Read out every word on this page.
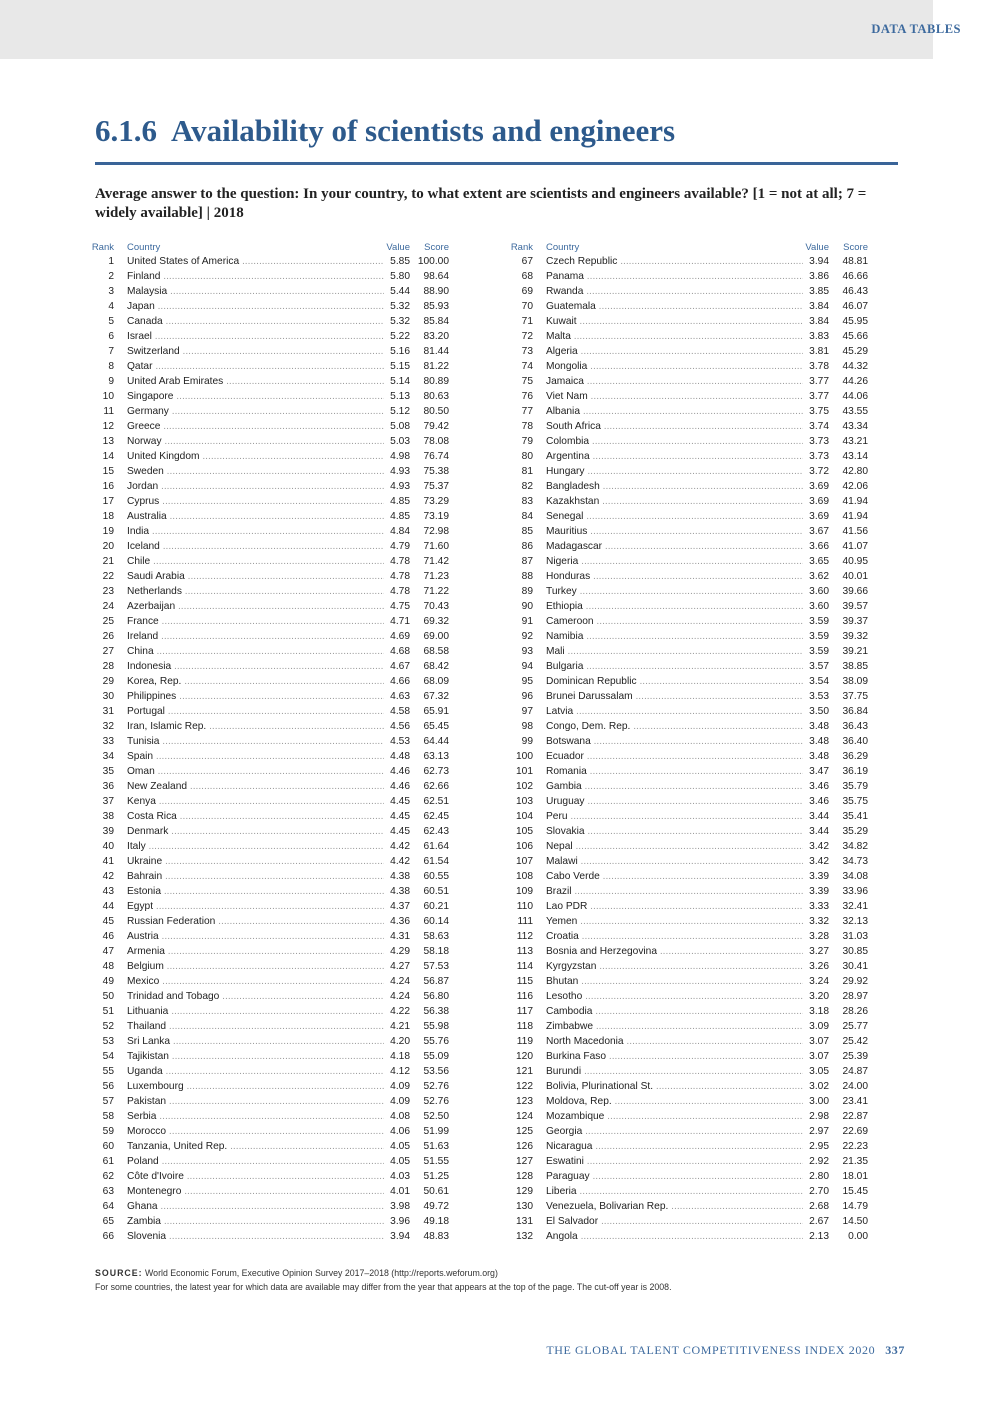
DATA TABLES
6.1.6 Availability of scientists and engineers
Average answer to the question: In your country, to what extent are scientists and engineers available? [1 = not at all; 7 = widely available] | 2018
Rank Country	Value	Score
1 United States of America .....	5.85 100.00
2 Finland .....	5.80	98.64
3 Malaysia .....	5.44	88.90
4 Japan .....	5.32	85.93
5 Canada .....	5.32	85.84
6 Israel .....	5.22	83.20
7 Switzerland .....	5.16	81.44
8 Qatar .....	5.15	81.22
9 United Arab Emirates .....	5.14	80.89
10 Singapore .....	5.13	80.63
11 Germany .....	5.12	80.50
12 Greece .....	5.08	79.42
13 Norway .....	5.03	78.08
14 United Kingdom .....	4.98	76.74
15 Sweden .....	4.93	75.38
16 Jordan .....	4.93	75.37
17 Cyprus .....	4.85	73.29
18 Australia .....	4.85	73.19
19 India .....	4.84	72.98
20 Iceland .....	4.79	71.60
21 Chile .....	4.78	71.42
22 Saudi Arabia .....	4.78	71.23
23 Netherlands .....	4.78	71.22
24 Azerbaijan .....	4.75	70.43
25 France .....	4.71	69.32
26 Ireland .....	4.69	69.00
27 China .....	4.68	68.58
28 Indonesia .....	4.67	68.42
29 Korea, Rep. .....	4.66	68.09
30 Philippines .....	4.63	67.32
31 Portugal .....	4.58	65.91
32 Iran, Islamic Rep. .....	4.56	65.45
33 Tunisia .....	4.53	64.44
34 Spain .....	4.48	63.13
35 Oman .....	4.46	62.73
36 New Zealand .....	4.46	62.66
37 Kenya .....	4.45	62.51
38 Costa Rica .....	4.45	62.45
39 Denmark .....	4.45	62.43
40 Italy .....	4.42	61.64
41 Ukraine .....	4.42	61.54
42 Bahrain .....	4.38	60.55
43 Estonia .....	4.38	60.51
44 Egypt .....	4.37	60.21
45 Russian Federation .....	4.36	60.14
46 Austria .....	4.31	58.63
47 Armenia .....	4.29	58.18
48 Belgium .....	4.27	57.53
49 Mexico .....	4.24	56.87
50 Trinidad and Tobago .....	4.24	56.80
51 Lithuania .....	4.22	56.38
52 Thailand .....	4.21	55.98
53 Sri Lanka .....	4.20	55.76
54 Tajikistan .....	4.18	55.09
55 Uganda .....	4.12	53.56
56 Luxembourg .....	4.09	52.76
57 Pakistan .....	4.09	52.76
58 Serbia .....	4.08	52.50
59 Morocco .....	4.06	51.99
60 Tanzania, United Rep. .....	4.05	51.63
61 Poland .....	4.05	51.55
62 Côte d'Ivoire .....	4.03	51.25
63 Montenegro .....	4.01	50.61
64 Ghana .....	3.98	49.72
65 Zambia .....	3.96	49.18
66 Slovenia .....	3.94	48.83
Rank Country	Value	Score
67 Czech Republic .....	3.94	48.81
68 Panama .....	3.86	46.66
69 Rwanda .....	3.85	46.43
70 Guatemala .....	3.84	46.07
71 Kuwait .....	3.84	45.95
72 Malta .....	3.83	45.66
73 Algeria .....	3.81	45.29
74 Mongolia .....	3.78	44.32
75 Jamaica .....	3.77	44.26
76 Viet Nam .....	3.77	44.06
77 Albania .....	3.75	43.55
78 South Africa .....	3.74	43.34
79 Colombia .....	3.73	43.21
80 Argentina .....	3.73	43.14
81 Hungary .....	3.72	42.80
82 Bangladesh .....	3.69	42.06
83 Kazakhstan .....	3.69	41.94
84 Senegal .....	3.69	41.94
85 Mauritius .....	3.67	41.56
86 Madagascar .....	3.66	41.07
87 Nigeria .....	3.65	40.95
88 Honduras .....	3.62	40.01
89 Turkey .....	3.60	39.66
90 Ethiopia .....	3.60	39.57
91 Cameroon .....	3.59	39.37
92 Namibia .....	3.59	39.32
93 Mali .....	3.59	39.21
94 Bulgaria .....	3.57	38.85
95 Dominican Republic .....	3.54	38.09
96 Brunei Darussalam .....	3.53	37.75
97 Latvia .....	3.50	36.84
98 Congo, Dem. Rep. .....	3.48	36.43
99 Botswana .....	3.48	36.40
100 Ecuador .....	3.48	36.29
101 Romania .....	3.47	36.19
102 Gambia .....	3.46	35.79
103 Uruguay .....	3.46	35.75
104 Peru .....	3.44	35.41
105 Slovakia .....	3.44	35.29
106 Nepal .....	3.42	34.82
107 Malawi .....	3.42	34.73
108 Cabo Verde .....	3.39	34.08
109 Brazil .....	3.39	33.96
110 Lao PDR .....	3.33	32.41
111 Yemen .....	3.32	32.13
112 Croatia .....	3.28	31.03
113 Bosnia and Herzegovina .....	3.27	30.85
114 Kyrgyzstan .....	3.26	30.41
115 Bhutan .....	3.24	29.92
116 Lesotho .....	3.20	28.97
117 Cambodia .....	3.18	28.26
118 Zimbabwe .....	3.09	25.77
119 North Macedonia .....	3.07	25.42
120 Burkina Faso .....	3.07	25.39
121 Burundi .....	3.05	24.87
122 Bolivia, Plurinational St. .....	3.02	24.00
123 Moldova, Rep. .....	3.00	23.41
124 Mozambique .....	2.98	22.87
125 Georgia .....	2.97	22.69
126 Nicaragua .....	2.95	22.23
127 Eswatini .....	2.92	21.35
128 Paraguay .....	2.80	18.01
129 Liberia .....	2.70	15.45
130 Venezuela, Bolivarian Rep. .....	2.68	14.79
131 El Salvador .....	2.67	14.50
132 Angola .....	2.13	0.00
SOURCE: World Economic Forum, Executive Opinion Survey 2017–2018 (http://reports.weforum.org)
For some countries, the latest year for which data are available may differ from the year that appears at the top of the page. The cut-off year is 2008.
THE GLOBAL TALENT COMPETITIVENESS INDEX 2020 337
